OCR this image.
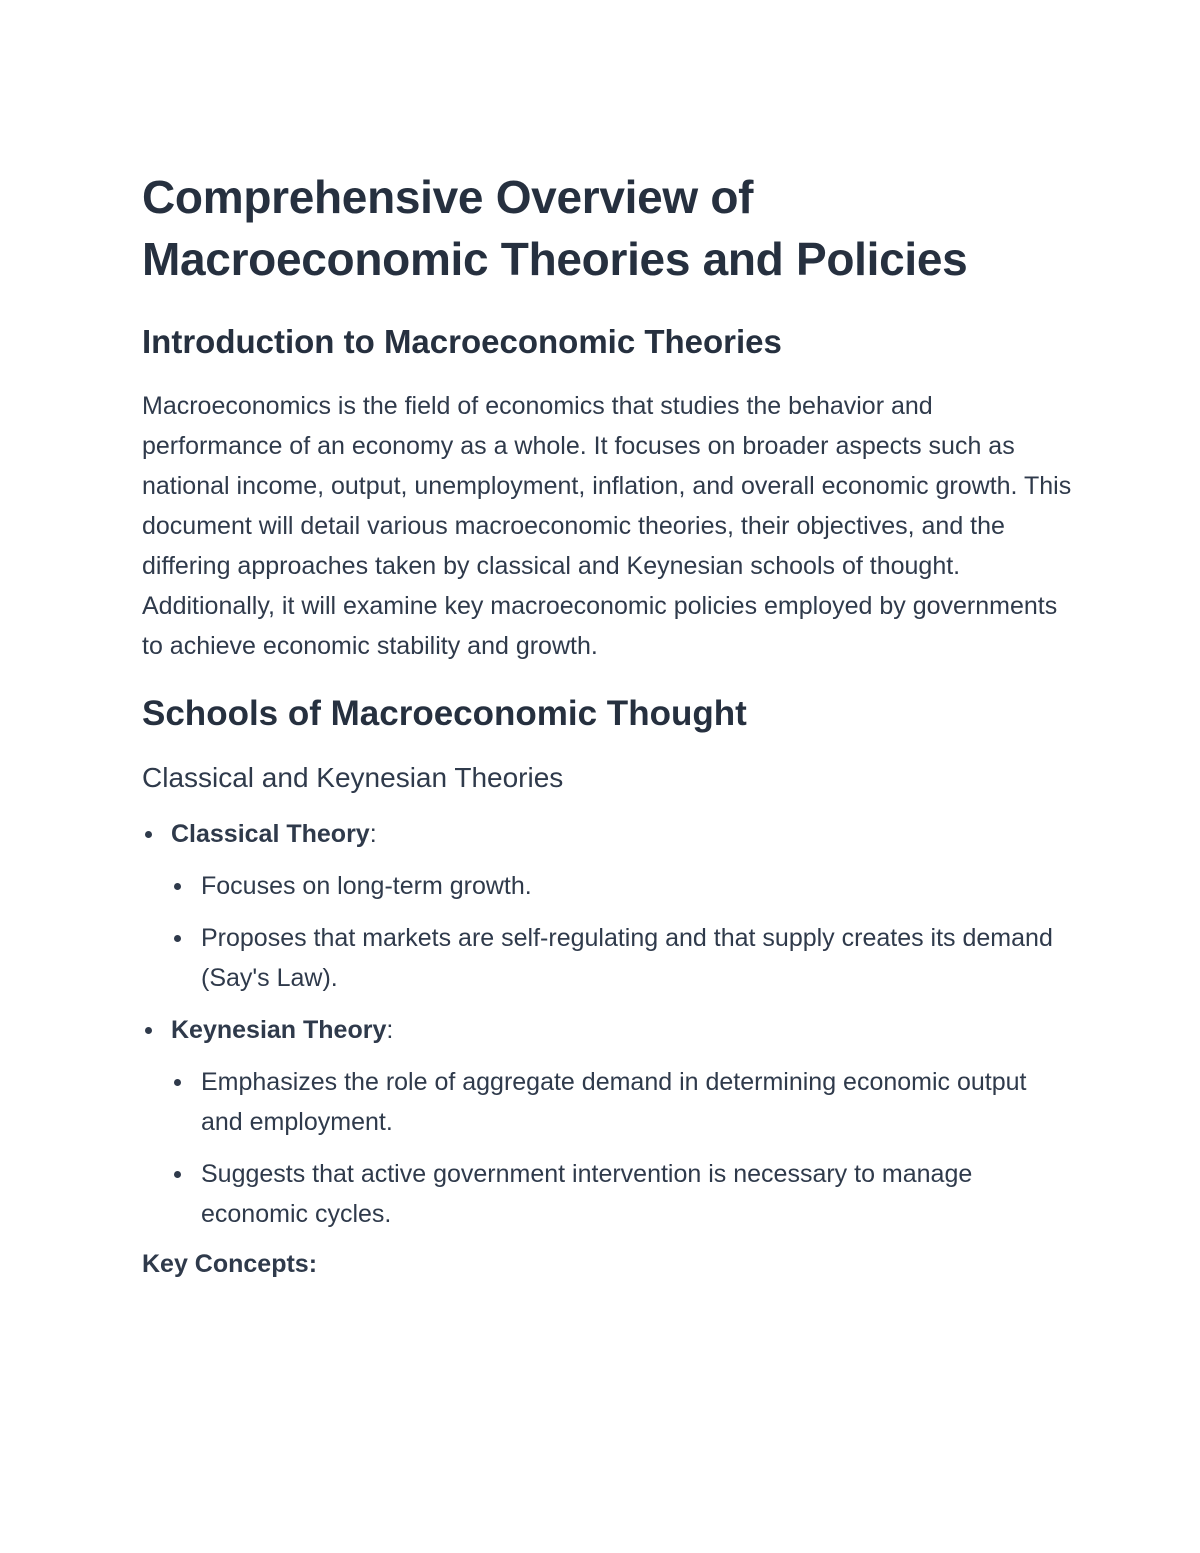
Comprehensive Overview of Macroeconomic Theories and Policies
Introduction to Macroeconomic Theories

Macroeconomics is the field of economics that studies the behavior and performance of an economy as a whole. It focuses on broader aspects such as national income, output, unemployment, inflation, and overall economic growth. This document will detail various macroeconomic theories, their objectives, and the differing approaches taken by classical and Keynesian schools of thought. Additionally, it will examine key macroeconomic policies employed by governments to achieve economic stability and growth.

Schools of Macroeconomic Thought
Classical and Keynesian Theories
Classical Theory:
Focuses on long-term growth.
Proposes that markets are self-regulating and that supply creates its demand (Say's Law).
Keynesian Theory:
Emphasizes the role of aggregate demand in determining economic output and employment.
Suggests that active government intervention is necessary to manage economic cycles.

Key Concepts:
